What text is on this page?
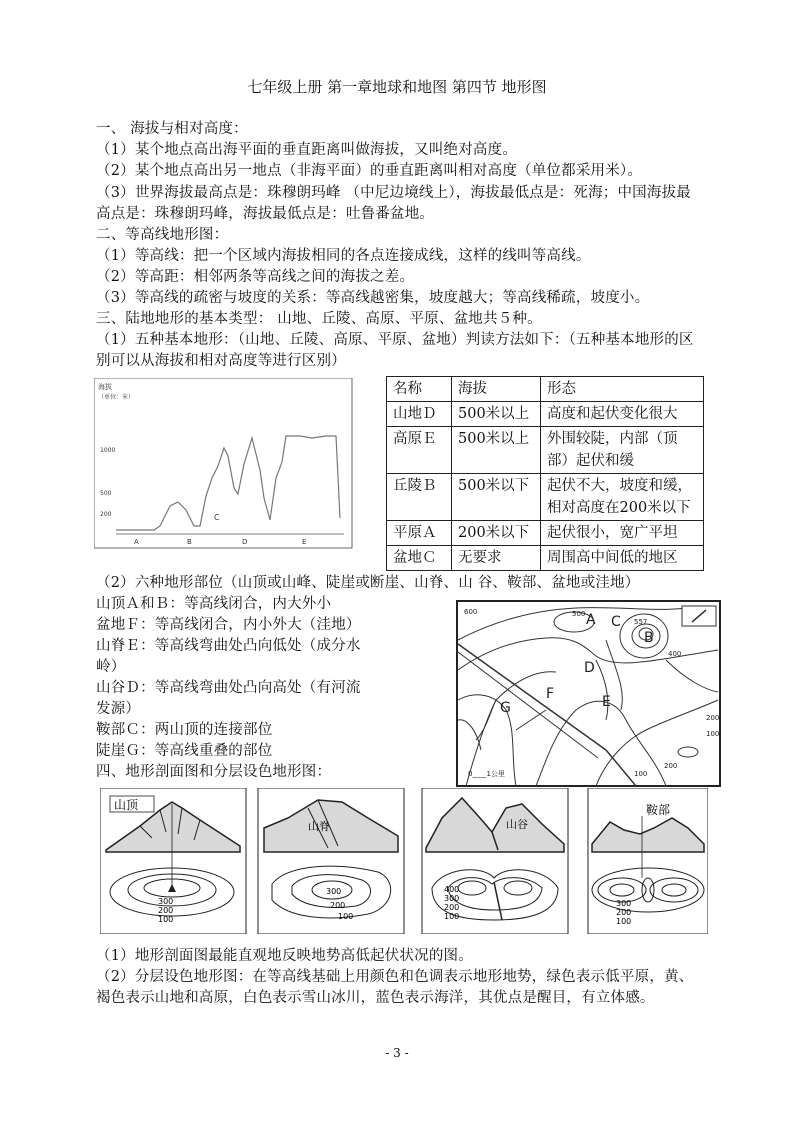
七年级上册 第一章地球和地图 第四节 地形图
一、 海拔与相对高度：
（1）某个地点高出海平面的垂直距离叫做海拔，又叫绝对高度。
（2）某个地点高出另一地点（非海平面）的垂直距离叫相对高度（单位都采用米）。
（3）世界海拔最高点是：珠穆朗玛峰 （中尼边境线上），海拔最低点是：死海；中国海拔最
高点是：珠穆朗玛峰，海拔最低点是：吐鲁番盆地。
二、等高线地形图：
（1）等高线：把一个区域内海拔相同的各点连接成线，这样的线叫等高线。
（2）等高距：相邻两条等高线之间的海拔之差。
（3）等高线的疏密与坡度的关系：等高线越密集，坡度越大；等高线稀疏，坡度小。
三、陆地地形的基本类型： 山地、丘陵、高原、平原、盆地共５种。
（1）五种基本地形：（山地、丘陵、高原、平原、盆地）判读方法如下：（五种基本地形的区
别可以从海拔和相对高度等进行区别）
海拔
（单位：米）
1000
500
200
A	B	D	E
C
名称	海拔	形态
山地Ｄ	500米以上	高度和起伏变化很大
高原Ｅ	500米以上	外围较陡，内部（顶部）起伏和缓
丘陵Ｂ	500米以下	起伏不大，坡度和缓，相对高度在200米以下
平原Ａ	200米以下	起伏很小，宽广平坦
盆地Ｃ	无要求	周围高中间低的地区
（2）六种地形部位（山顶或山峰、陡崖或断崖、山脊、山 谷、鞍部、盆地或洼地）
山顶Ａ和Ｂ：等高线闭合，内大外小
盆地Ｆ：等高线闭合，内小外大（洼地）
山脊Ｅ：等高线弯曲处凸向低处（成分水
岭）
山谷Ｄ：等高线弯曲处凸向高处（有河流
发源）
鞍部Ｃ：两山顶的连接部位
陡崖Ｇ：等高线重叠的部位
A
B
C
D
E
F
G
600	500
557
400
200
100
200
100
0____1公里
四、地形剖面图和分层设色地形图：
山顶
300
200
100
山脊
300
200
100
山谷
400
300
200
100
鞍部
300
200
100
（1）地形剖面图最能直观地反映地势高低起伏状况的图。
（2）分层设色地形图：在等高线基础上用颜色和色调表示地形地势，绿色表示低平原，黄、
褐色表示山地和高原，白色表示雪山冰川，蓝色表示海洋，其优点是醒目，有立体感。
- 3 -
